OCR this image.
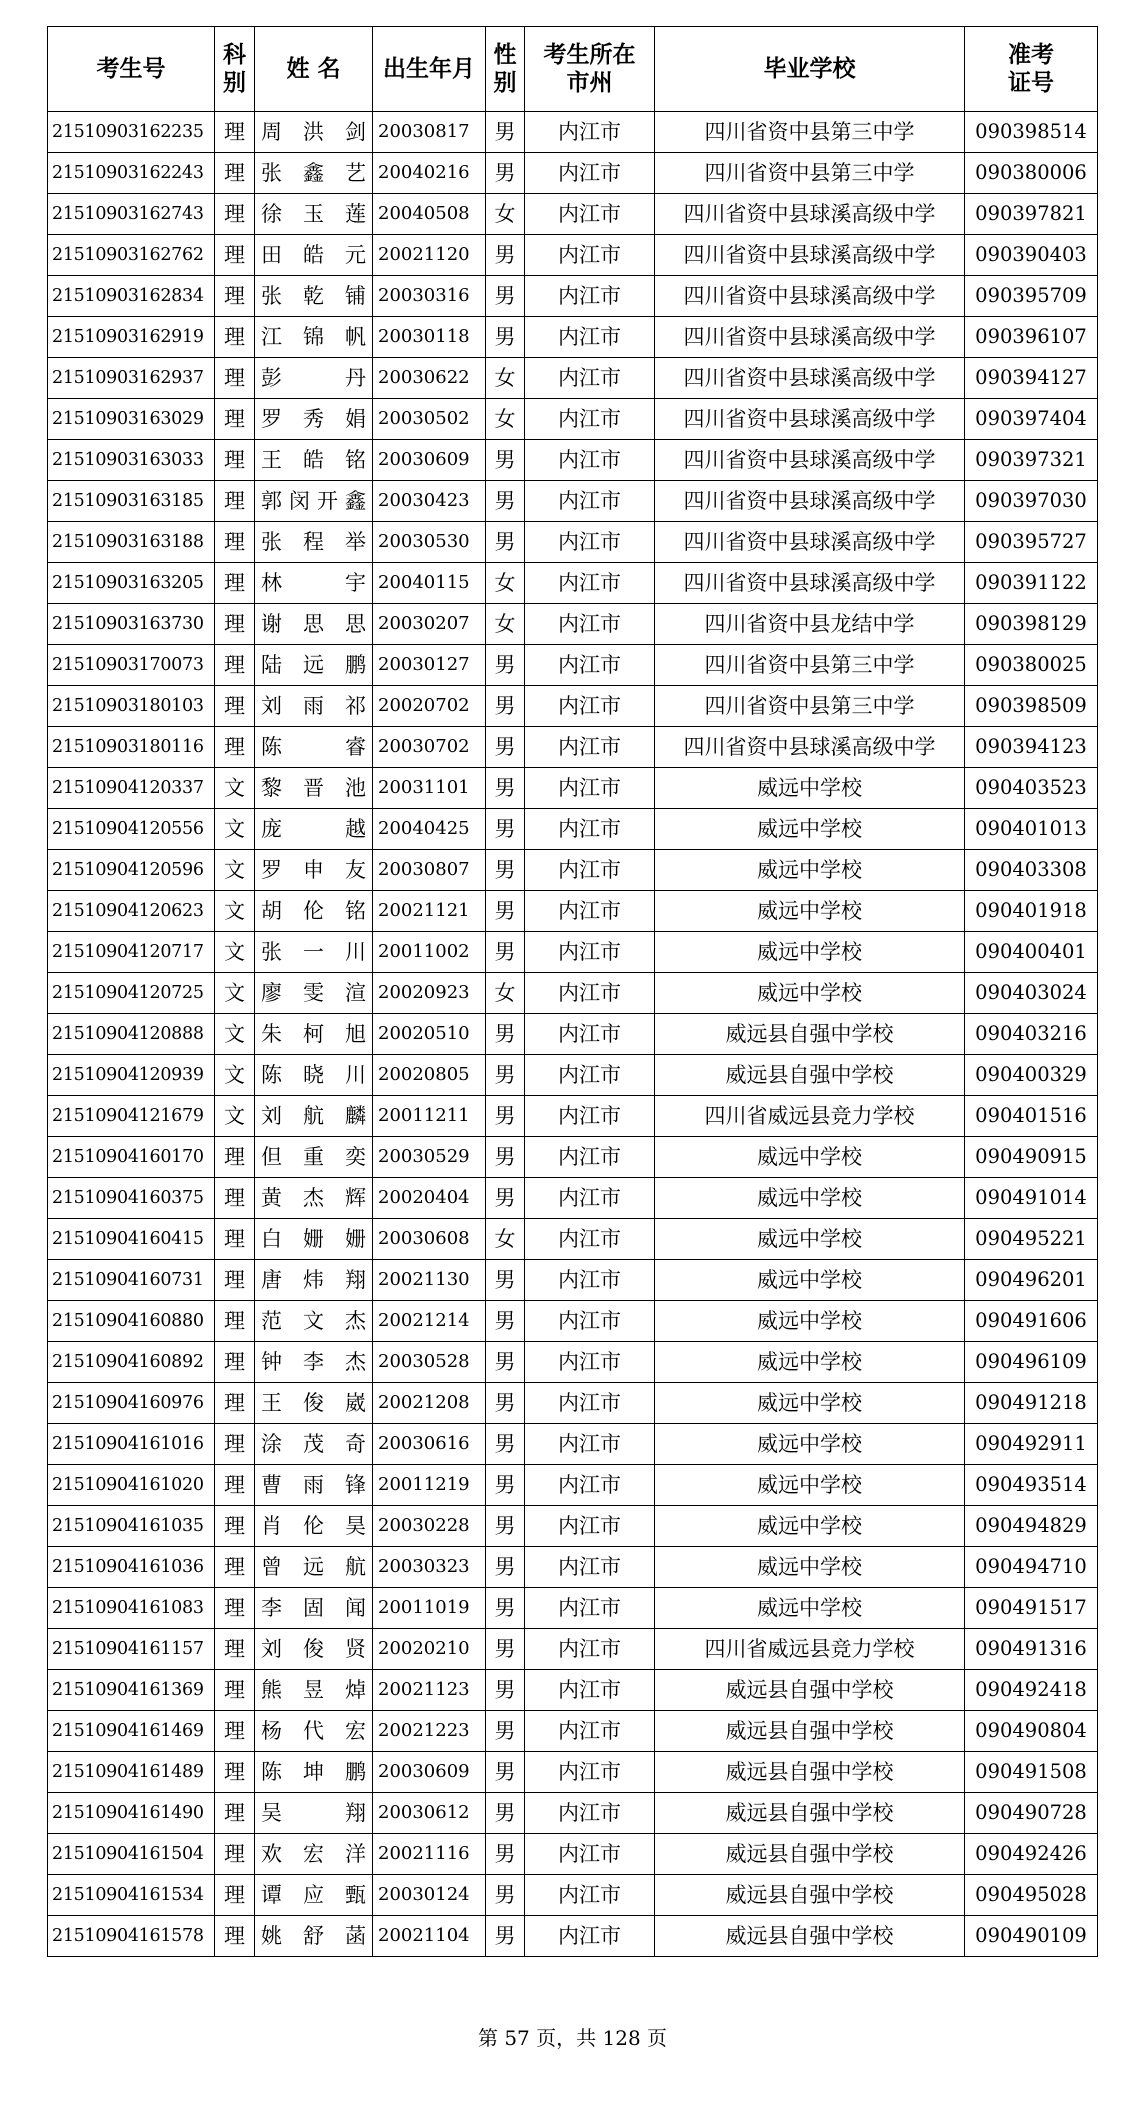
考生号	科别	姓 名	出生年月	性别	考生所在市州	毕业学校	准考证号
21510903162235	理	周 洪 剑	20030817	男	内江市	四川省资中县第三中学	090398514
21510903162243	理	张 鑫 艺	20040216	男	内江市	四川省资中县第三中学	090380006
21510903162743	理	徐 玉 莲	20040508	女	内江市	四川省资中县球溪高级中学	090397821
21510903162762	理	田 皓 元	20021120	男	内江市	四川省资中县球溪高级中学	090390403
21510903162834	理	张 乾 铺	20030316	男	内江市	四川省资中县球溪高级中学	090395709
21510903162919	理	江 锦 帆	20030118	男	内江市	四川省资中县球溪高级中学	090396107
21510903162937	理	彭 丹	20030622	女	内江市	四川省资中县球溪高级中学	090394127
21510903163029	理	罗 秀 娟	20030502	女	内江市	四川省资中县球溪高级中学	090397404
21510903163033	理	王 皓 铭	20030609	男	内江市	四川省资中县球溪高级中学	090397321
21510903163185	理	郭 闵 开 鑫	20030423	男	内江市	四川省资中县球溪高级中学	090397030
21510903163188	理	张 程 举	20030530	男	内江市	四川省资中县球溪高级中学	090395727
21510903163205	理	林 宇	20040115	女	内江市	四川省资中县球溪高级中学	090391122
21510903163730	理	谢 思 思	20030207	女	内江市	四川省资中县龙结中学	090398129
21510903170073	理	陆 远 鹏	20030127	男	内江市	四川省资中县第三中学	090380025
21510903180103	理	刘 雨 祁	20020702	男	内江市	四川省资中县第三中学	090398509
21510903180116	理	陈 睿	20030702	男	内江市	四川省资中县球溪高级中学	090394123
21510904120337	文	黎 晋 池	20031101	男	内江市	威远中学校	090403523
21510904120556	文	庞 越	20040425	男	内江市	威远中学校	090401013
21510904120596	文	罗 申 友	20030807	男	内江市	威远中学校	090403308
21510904120623	文	胡 伦 铭	20021121	男	内江市	威远中学校	090401918
21510904120717	文	张 一 川	20011002	男	内江市	威远中学校	090400401
21510904120725	文	廖 雯 渲	20020923	女	内江市	威远中学校	090403024
21510904120888	文	朱 柯 旭	20020510	男	内江市	威远县自强中学校	090403216
21510904120939	文	陈 晓 川	20020805	男	内江市	威远县自强中学校	090400329
21510904121679	文	刘 航 麟	20011211	男	内江市	四川省威远县竞力学校	090401516
21510904160170	理	但 重 奕	20030529	男	内江市	威远中学校	090490915
21510904160375	理	黄 杰 辉	20020404	男	内江市	威远中学校	090491014
21510904160415	理	白 姗 姗	20030608	女	内江市	威远中学校	090495221
21510904160731	理	唐 炜 翔	20021130	男	内江市	威远中学校	090496201
21510904160880	理	范 文 杰	20021214	男	内江市	威远中学校	090491606
21510904160892	理	钟 李 杰	20030528	男	内江市	威远中学校	090496109
21510904160976	理	王 俊 崴	20021208	男	内江市	威远中学校	090491218
21510904161016	理	涂 茂 奇	20030616	男	内江市	威远中学校	090492911
21510904161020	理	曹 雨 锋	20011219	男	内江市	威远中学校	090493514
21510904161035	理	肖 伦 昊	20030228	男	内江市	威远中学校	090494829
21510904161036	理	曾 远 航	20030323	男	内江市	威远中学校	090494710
21510904161083	理	李 固 闻	20011019	男	内江市	威远中学校	090491517
21510904161157	理	刘 俊 贤	20020210	男	内江市	四川省威远县竞力学校	090491316
21510904161369	理	熊 昱 焯	20021123	男	内江市	威远县自强中学校	090492418
21510904161469	理	杨 代 宏	20021223	男	内江市	威远县自强中学校	090490804
21510904161489	理	陈 坤 鹏	20030609	男	内江市	威远县自强中学校	090491508
21510904161490	理	吴 翔	20030612	男	内江市	威远县自强中学校	090490728
21510904161504	理	欢 宏 洋	20021116	男	内江市	威远县自强中学校	090492426
21510904161534	理	谭 应 甄	20030124	男	内江市	威远县自强中学校	090495028
21510904161578	理	姚 舒 菡	20021104	男	内江市	威远县自强中学校	090490109
第 57 页，共 128 页
